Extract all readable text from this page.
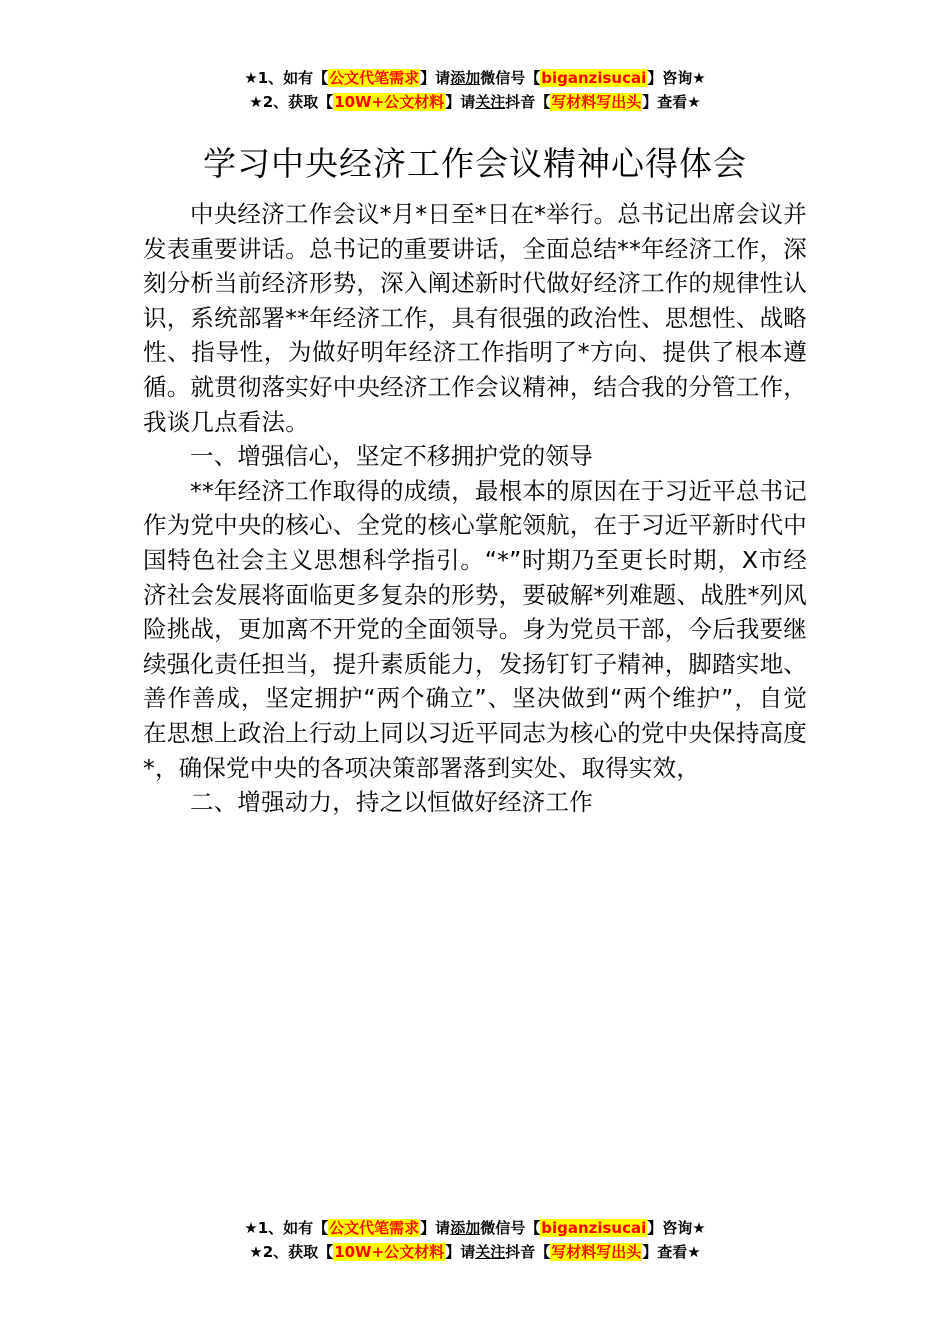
★1、如有【公文代笔需求】请添加微信号【biganzisucai】咨询★
★2、获取【10W+公文材料】请关注抖音【写材料写出头】查看★
学习中央经济工作会议精神心得体会

中央经济工作会议*月*日至*日在*举行。总书记出席会议并发表重要讲话。总书记的重要讲话，全面总结**年经济工作，深刻分析当前经济形势，深入阐述新时代做好经济工作的规律性认识，系统部署**年经济工作，具有很强的政治性、思想性、战略性、指导性，为做好明年经济工作指明了*方向、提供了根本遵循。就贯彻落实好中央经济工作会议精神，结合我的分管工作，我谈几点看法。

一、增强信心，坚定不移拥护党的领导

**年经济工作取得的成绩，最根本的原因在于习近平总书记作为党中央的核心、全党的核心掌舵领航，在于习近平新时代中国特色社会主义思想科学指引。“*”时期乃至更长时期，X市经济社会发展将面临更多复杂的形势，要破解*列难题、战胜*列风险挑战，更加离不开党的全面领导。身为党员干部，今后我要继续强化责任担当，提升素质能力，发扬钉钉子精神，脚踏实地、善作善成，坚定拥护“两个确立”、坚决做到“两个维护”，自觉在思想上政治上行动上同以习近平同志为核心的党中央保持高度*，确保党中央的各项决策部署落到实处、取得实效，

二、增强动力，持之以恒做好经济工作

★1、如有【公文代笔需求】请添加微信号【biganzisucai】咨询★
★2、获取【10W+公文材料】请关注抖音【写材料写出头】查看★
